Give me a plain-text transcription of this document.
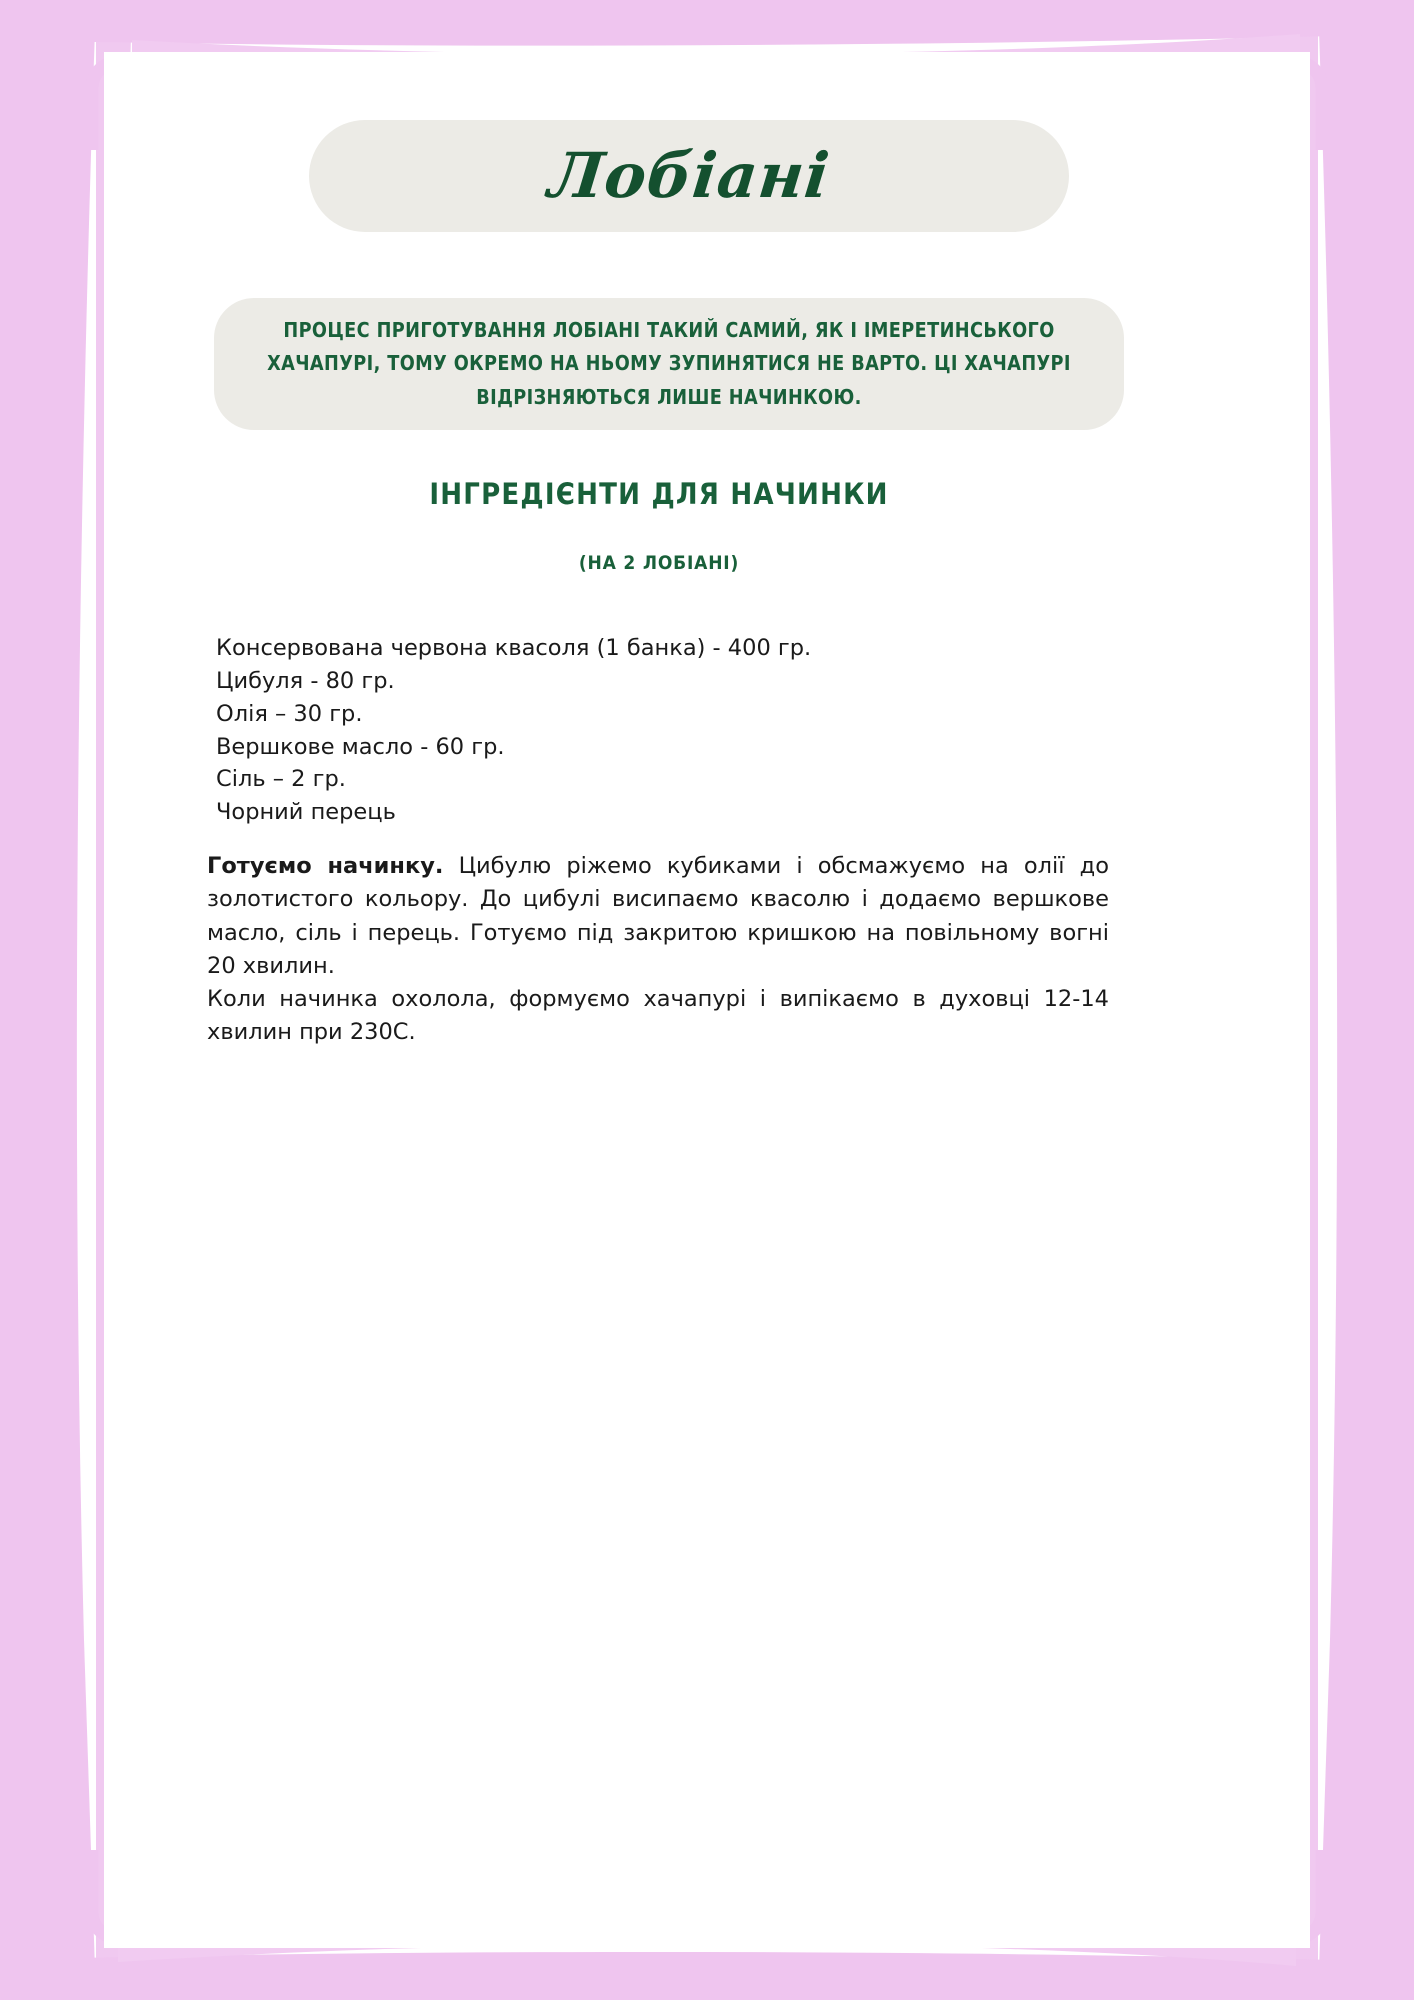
Лобіані
ПРОЦЕС ПРИГОТУВАННЯ ЛОБІАНІ ТАКИЙ САМИЙ, ЯК І ІМЕРЕТИНСЬКОГО ХАЧАПУРІ, ТОМУ ОКРЕМО НА НЬОМУ ЗУПИНЯТИСЯ НЕ ВАРТО. ЦІ ХАЧАПУРІ ВІДРІЗНЯЮТЬСЯ ЛИШЕ НАЧИНКОЮ.
ІНГРЕДІЄНТИ ДЛЯ НАЧИНКИ
(НА 2 ЛОБІАНІ)
Консервована червона квасоля (1 банка) - 400 гр.
Цибуля - 80 гр.
Олія – 30 гр.
Вершкове масло - 60 гр.
Сіль – 2 гр.
Чорний перець

Готуємо начинку. Цибулю ріжемо кубиками і обсмажуємо на олії до золотистого кольору. До цибулі висипаємо квасолю і додаємо вершкове масло, сіль і перець. Готуємо під закритою кришкою на повільному вогні 20 хвилин.

Коли начинка охолола, формуємо хачапурі і випікаємо в духовці 12-14 хвилин при 230С.
